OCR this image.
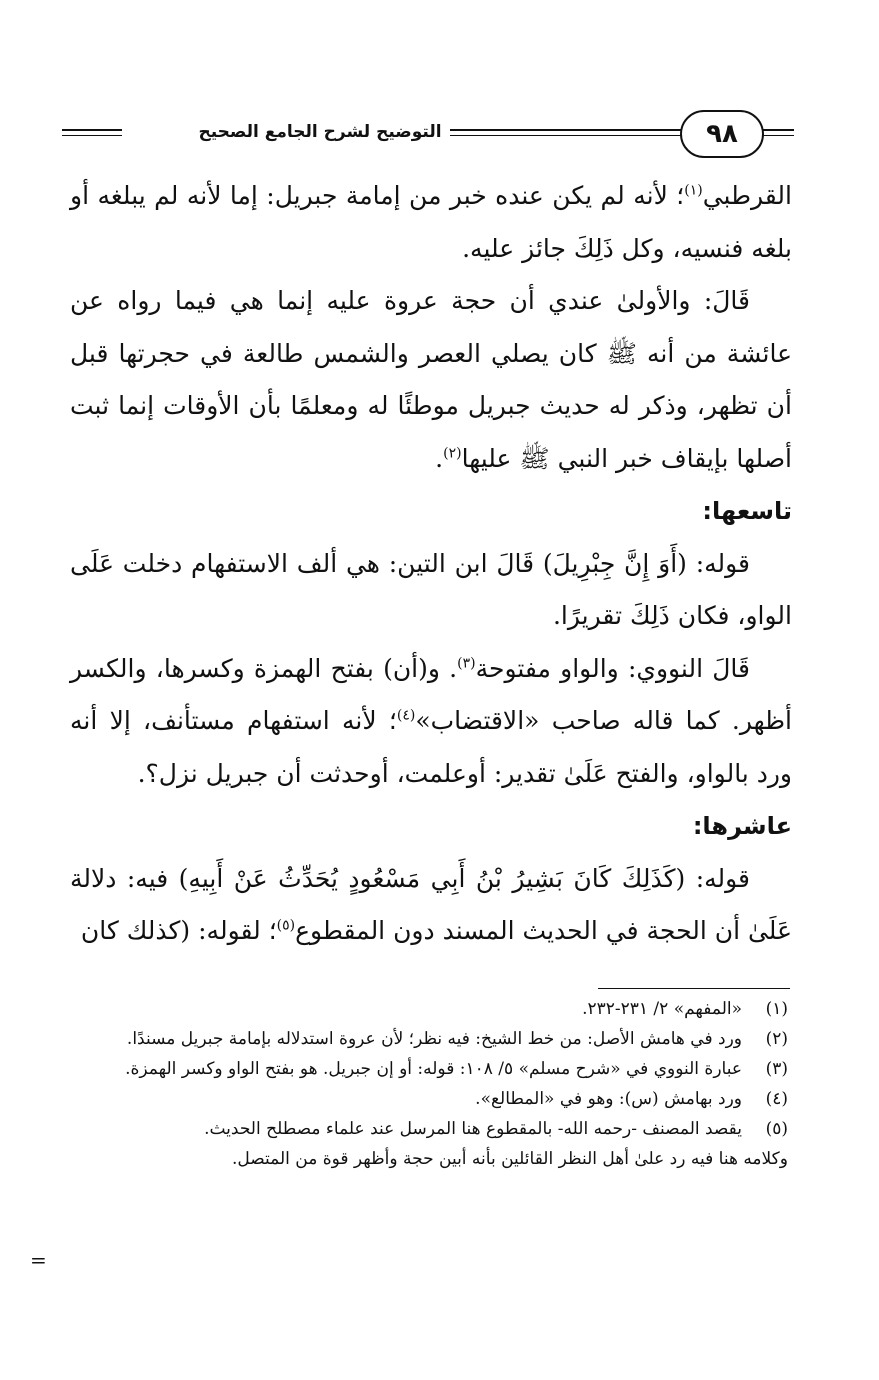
التوضيح لشرح الجامع الصحيح	٩٨

القرطبي$^{(١)}$؛ لأنه لم يكن عنده خبر من إمامة جبريل: إما لأنه لم يبلغه أو بلغه فنسيه، وكل ذَلِكَ جائز عليه.

قَالَ: والأولىٰ عندي أن حجة عروة عليه إنما هي فيما رواه عن عائشة من أنه ﷺ كان يصلي العصر والشمس طالعة في حجرتها قبل أن تظهر، وذكر له حديث جبريل موطئًا له ومعلمًا بأن الأوقات إنما ثبت أصلها بإيقاف خبر النبي ﷺ عليها$^{(٢)}$.

تاسعها:

قوله: (أَوَ إِنَّ جِبْرِيلَ) قَالَ ابن التين: هي ألف الاستفهام دخلت عَلَى الواو، فكان ذَلِكَ تقريرًا.

قَالَ النووي: والواو مفتوحة$^{(٣)}$. و(أن) بفتح الهمزة وكسرها، والكسر أظهر. كما قاله صاحب «الاقتضاب»$^{(٤)}$؛ لأنه استفهام مستأنف، إلا أنه ورد بالواو، والفتح عَلَىٰ تقدير: أوعلمت، أوحدثت أن جبريل نزل؟.

عاشرها:

قوله: (كَذَلِكَ كَانَ بَشِيرُ بْنُ أَبِي مَسْعُودٍ يُحَدِّثُ عَنْ أَبِيهِ) فيه: دلالة عَلَىٰ أن الحجة في الحديث المسند دون المقطوع$^{(٥)}$؛ لقوله: (كذلك كان

(١)
«المفهم» ٢/ ٢٣١-٢٣٢.
(٢)
ورد في هامش الأصل: من خط الشيخ: فيه نظر؛ لأن عروة استدلاله بإمامة جبريل مسندًا.
(٣)
عبارة النووي في «شرح مسلم» ٥/ ١٠٨: قوله: أو إن جبريل. هو بفتح الواو وكسر الهمزة.
(٤)
ورد بهامش (س): وهو في «المطالع».
(٥)
يقصد المصنف -رحمه الله- بالمقطوع هنا المرسل عند علماء مصطلح الحديث.
وكلامه هنا فيه رد علىٰ أهل النظر القائلين بأنه أبين حجة وأظهر قوة من المتصل.
=
